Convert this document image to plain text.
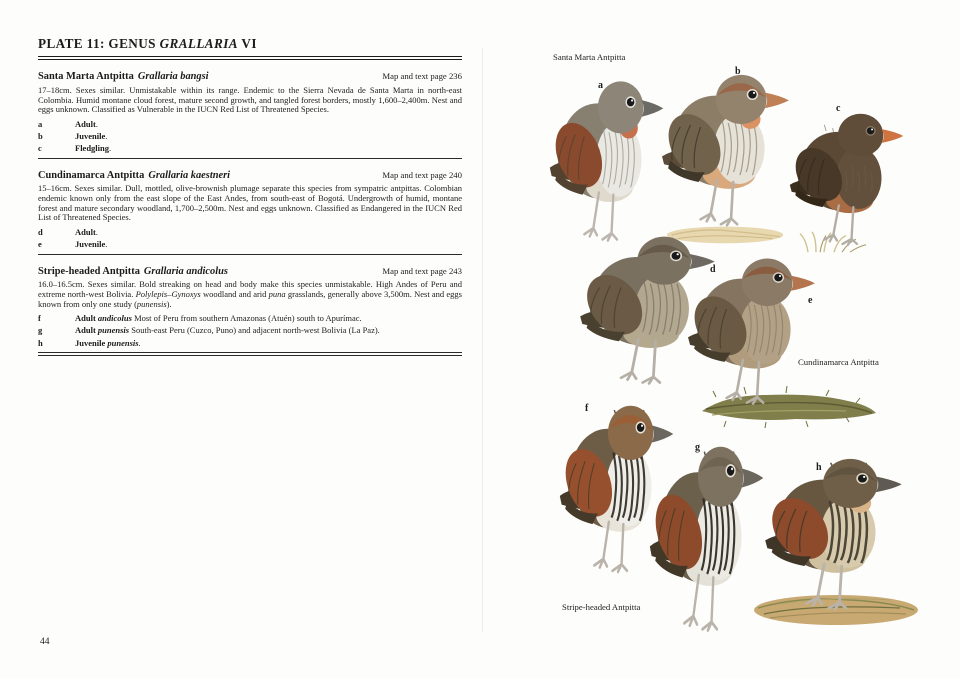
PLATE 11: GENUS GRALLARIA VI
Santa Marta Antpitta Grallaria bangsi	Map and text page 236
17–18cm. Sexes similar. Unmistakable within its range. Endemic to the Sierra Nevada de Santa Marta in north-east Colombia. Humid montane cloud forest, mature second growth, and tangled forest borders, mostly 1,600–2,400m. Nest and eggs unknown. Classified as Vulnerable in the IUCN Red List of Threatened Species.
a	Adult.
b	Juvenile.
c	Fledgling.
Cundinamarca Antpitta Grallaria kaestneri	Map and text page 240
15–16cm. Sexes similar. Dull, mottled, olive-brownish plumage separate this species from sympatric antpittas. Colombian endemic known only from the east slope of the East Andes, from south-east of Bogotá. Undergrowth of humid, montane forest and mature secondary woodland, 1,700–2,500m. Nest and eggs unknown. Classified as Endangered in the IUCN Red List of Threatened Species.
d	Adult.
e	Juvenile.
Stripe-headed Antpitta Grallaria andicolus	Map and text page 243
16.0–16.5cm. Sexes similar. Bold streaking on head and body make this species unmistakable. High Andes of Peru and extreme north-west Bolivia. Polylepis–Gynoxys woodland and arid puna grasslands, generally above 3,500m. Nest and eggs known from only one study (punensis).
f	Adult andicolus Most of Peru from southern Amazonas (Atuén) south to Apurímac.
g	Adult punensis South-east Peru (Cuzco, Puno) and adjacent north-west Bolivia (La Paz).
h	Juvenile punensis.
44
a
b
c
d
e
f
g
h
Santa Marta Antpitta
Cundinamarca Antpitta
Stripe-headed Antpitta
